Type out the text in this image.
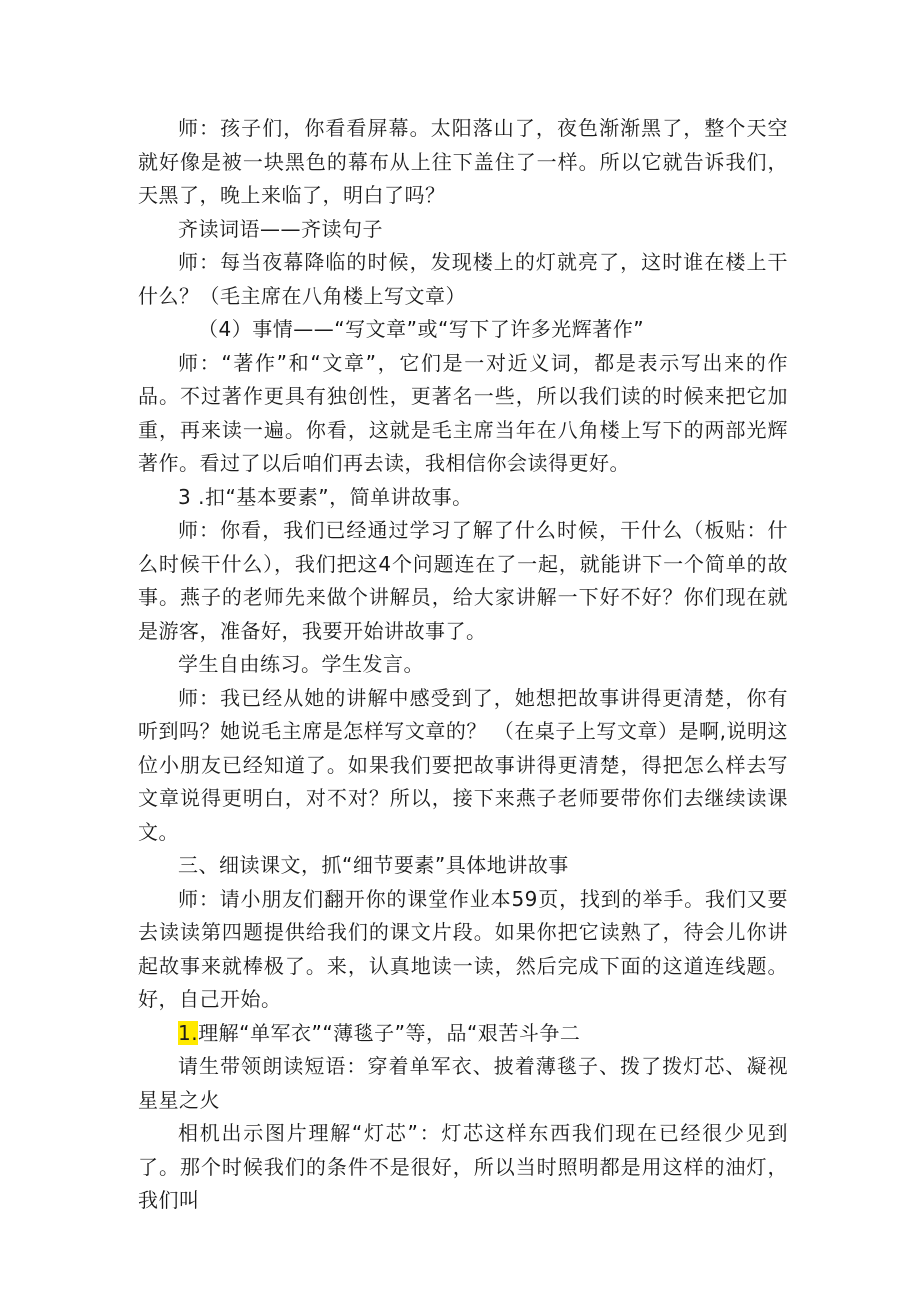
师：孩子们，你看看屏幕。太阳落山了，夜色渐渐黑了，整个天空就好像是被一块黑色的幕布从上往下盖住了一样。所以它就告诉我们，天黑了，晚上来临了，明白了吗？

齐读词语——齐读句子

师：每当夜幕降临的时候，发现楼上的灯就亮了，这时谁在楼上干什么？（毛主席在八角楼上写文章）

（4）事情——“写文章”或“写下了许多光辉著作”

师：“著作”和“文章”，它们是一对近义词，都是表示写出来的作品。不过著作更具有独创性，更著名一些，所以我们读的时候来把它加重，再来读一遍。你看，这就是毛主席当年在八角楼上写下的两部光辉著作。看过了以后咱们再去读，我相信你会读得更好。

3 .扣“基本要素”，简单讲故事。

师：你看，我们已经通过学习了解了什么时候，干什么（板贴：什么时候干什么），我们把这4个问题连在了一起，就能讲下一个简单的故事。燕子的老师先来做个讲解员，给大家讲解一下好不好？你们现在就是游客，准备好，我要开始讲故事了。

学生自由练习。学生发言。

师：我已经从她的讲解中感受到了，她想把故事讲得更清楚，你有听到吗？她说毛主席是怎样写文章的？ （在桌子上写文章）是啊,说明这位小朋友已经知道了。如果我们要把故事讲得更清楚，得把怎么样去写文章说得更明白，对不对？所以，接下来燕子老师要带你们去继续读课文。

三、细读课文，抓“细节要素”具体地讲故事

师：请小朋友们翻开你的课堂作业本59页，找到的举手。我们又要去读读第四题提供给我们的课文片段。如果你把它读熟了，待会儿你讲起故事来就棒极了。来，认真地读一读，然后完成下面的这道连线题。好，自己开始。

1.理解“单军衣”“薄毯子”等，品“艰苦斗争二

请生带领朗读短语：穿着单军衣、披着薄毯子、拨了拨灯芯、凝视星星之火

相机出示图片理解“灯芯”：灯芯这样东西我们现在已经很少见到了。那个时候我们的条件不是很好，所以当时照明都是用这样的油灯，我们叫
